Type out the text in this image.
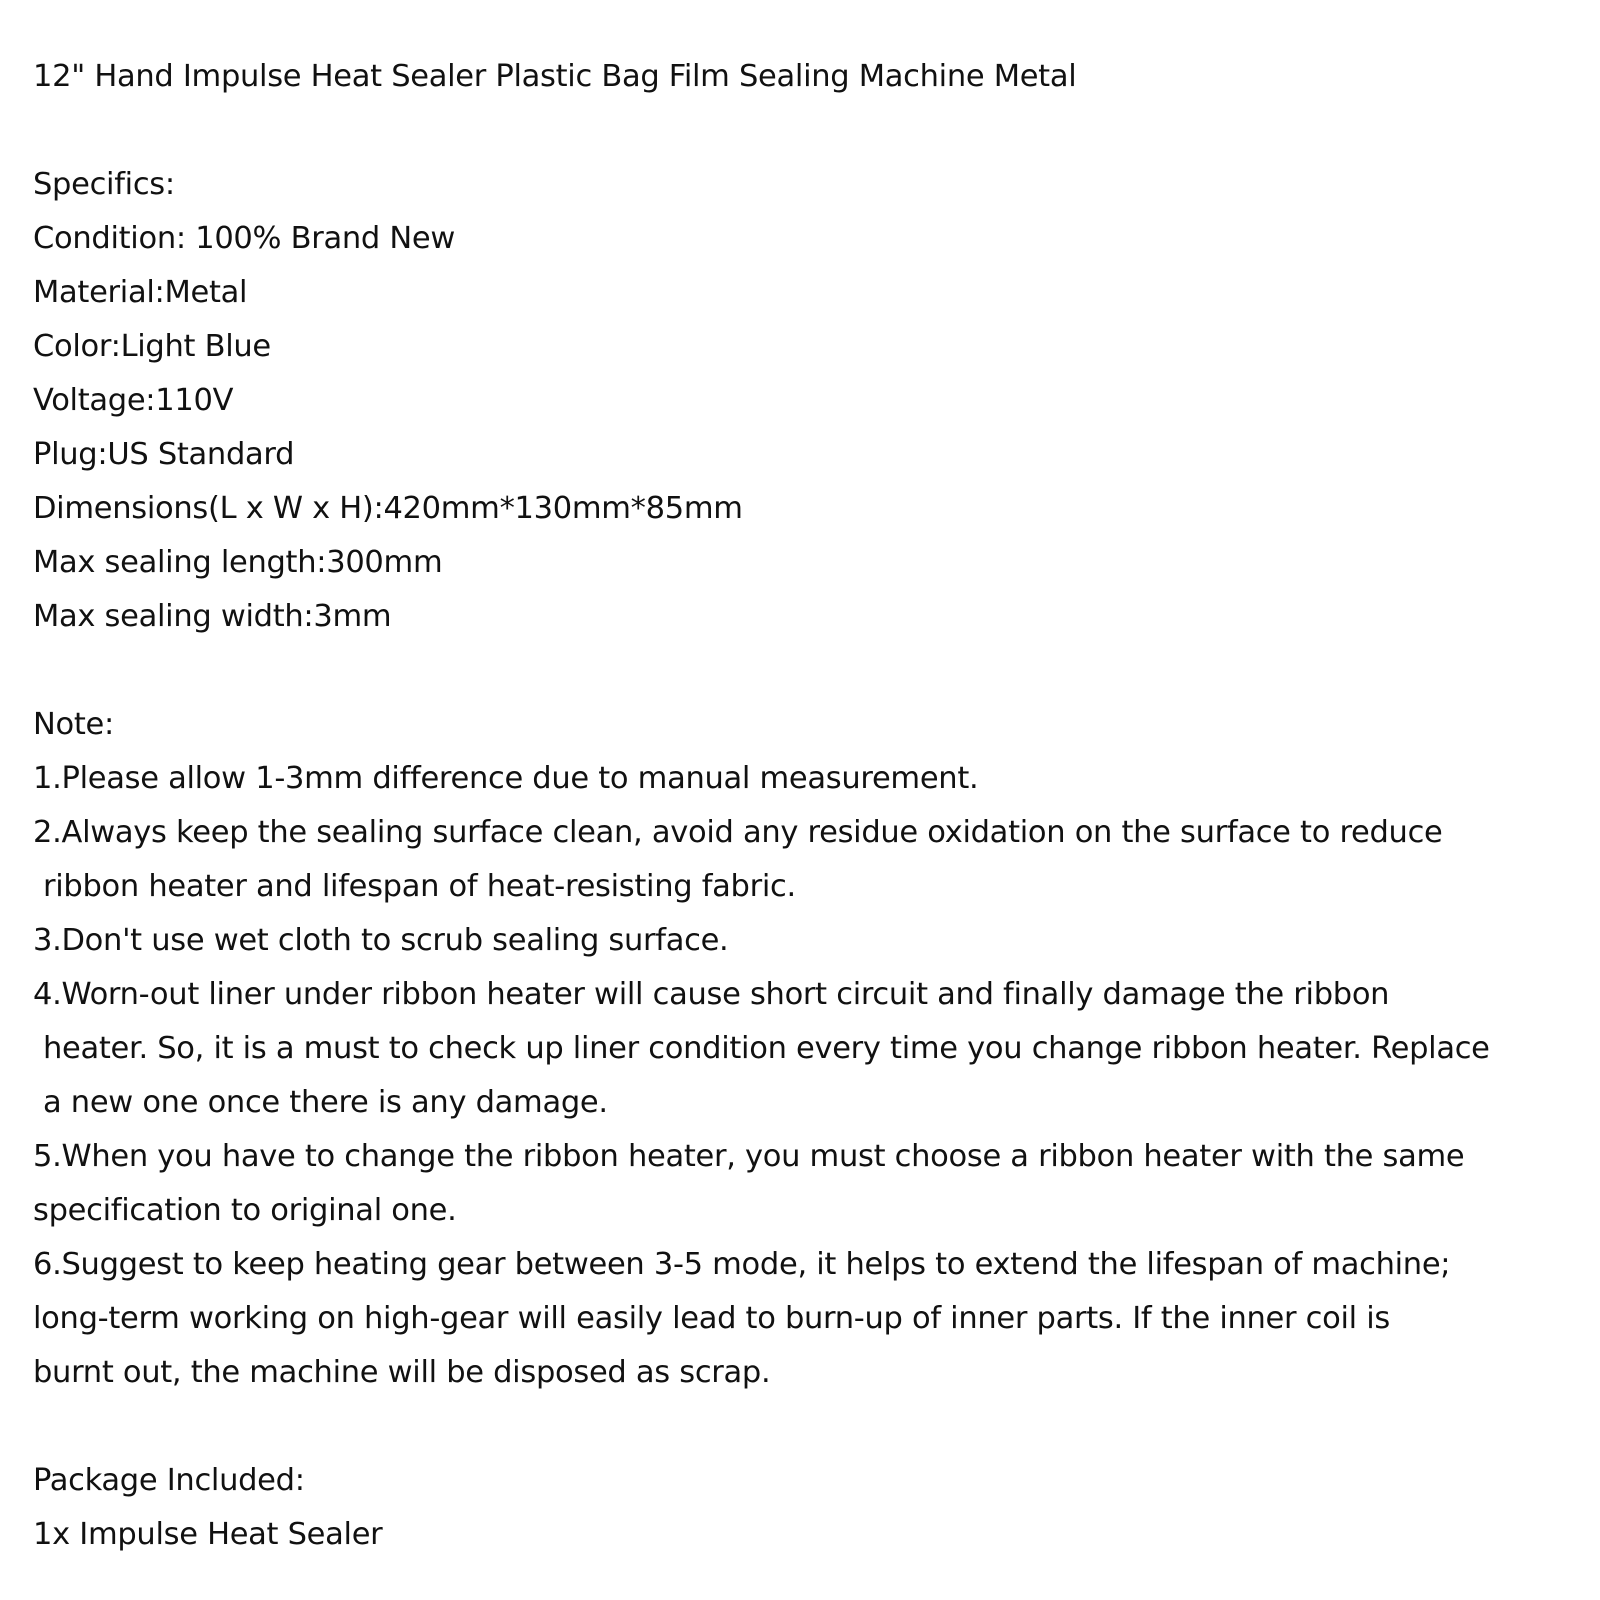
12" Hand Impulse Heat Sealer Plastic Bag Film Sealing Machine Metal

Specifics:

Condition: 100% Brand New

Material:Metal

Color:Light Blue

Voltage:110V

Plug:US Standard

Dimensions(L x W x H):420mm*130mm*85mm

Max sealing length:300mm

Max sealing width:3mm

Note:

1.Please allow 1-3mm difference due to manual measurement.

2.Always keep the sealing surface clean, avoid any residue oxidation on the surface to reduce

ribbon heater and lifespan of heat-resisting fabric.

3.Don't use wet cloth to scrub sealing surface.

4.Worn-out liner under ribbon heater will cause short circuit and finally damage the ribbon

heater. So, it is a must to check up liner condition every time you change ribbon heater. Replace

a new one once there is any damage.

5.When you have to change the ribbon heater, you must choose a ribbon heater with the same

specification to original one.

6.Suggest to keep heating gear between 3-5 mode, it helps to extend the lifespan of machine;

long-term working on high-gear will easily lead to burn-up of inner parts. If the inner coil is

burnt out, the machine will be disposed as scrap.

Package Included:

1x Impulse Heat Sealer
